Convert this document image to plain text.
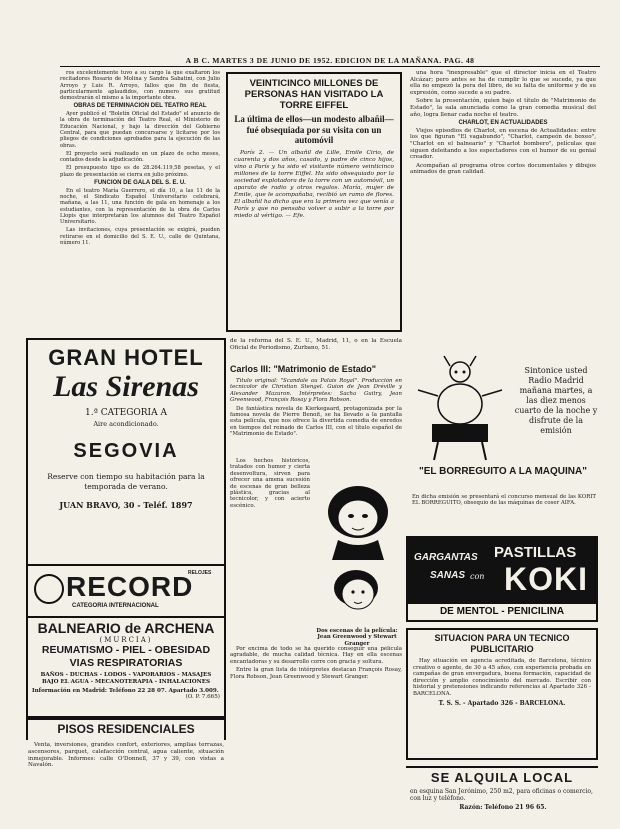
A B C. MARTES 3 DE JUNIO DE 1952. EDICION DE LA MAÑANA. PAG. 48

ros excelentemente tuvo a su cargo la que exaltaron los recitadores Rosario de Molina y Sandra Sabatini, con Julio Arroyo y Luis R. Arroyo, fallos que fin de fiesta, particularmente aplaudidos, con numero sus gratitud demostrarán el mismo a la importante obra.

OBRAS DE TERMINACION DEL TEATRO REAL

Ayer publicó el "Boletín Oficial del Estado" el anuncio de la obra de terminación del Teatro Real, el Ministerio de Educación Nacional, y bajo la dirección del Gobierno Central, para que puedan concursarse y licitarse por los pliegos de condiciones aprobados para la ejecución de las obras.

El proyecto será realizado en un plazo de ocho meses, contados desde la adjudicación.

El presupuesto tipo es de 28.264.119,58 pesetas, y el plazo de presentación se cierra en julio próximo.

FUNCION DE GALA DEL S. E. U.

En el teatro María Guerrero, el día 10, a las 11 de la noche, el Sindicato Español Universitario celebrará, mañana, a las 11, una función de gala en homenaje a los estudiantes, con la representación de la obra de Carlos Llopis que interpretarán los alumnos del Teatro Español Universitario.

Las invitaciones, cuya presentación se exigirá, pueden retirarse en el domicilio del S. E. U., calle de Quintana, número 11.

VEINTICINCO MILLONES DE PERSONAS HAN VISITADO LA TORRE EIFFEL
La última de ellos—un modesto albañil—fué obsequiada por su visita con un automóvil
París 2. — Un albañil de Lille, Emile Cirio, de cuarenta y dos años, casado, y padre de cinco hijos, vino a París y ha sido el visitante número veinticinco millones de la torre Eiffel. Ha sido obsequiado por la sociedad explotadora de la torre con un automóvil, un aparato de radio y otros regalos. María, mujer de Emile, que le acompañaba, recibió un ramo de flores. El albañil ha dicho que era la primera vez que venía a París y que no pensaba volver a subir a la torre por miedo al vértigo. — Efe.
GRAN HOTEL
Las Sirenas
1.ª CATEGORIA A
Aire acondicionado.
SEGOVIA
Reserve con tiempo su habitación para la temporada de verano.
JUAN BRAVO, 30 - Teléf. 1897
RELOJES
RECORD
CATEGORIA INTERNACIONAL
BALNEARIO de ARCHENA
(MURCIA)
REUMATISMO - PIEL - OBESIDAD
VIAS RESPIRATORIAS
BAÑOS - DUCHAS - LODOS - VAPORARIOS - MASAJES BAJO EL AGUA - MECANOTERAPIA - INHALACIONES
Información en Madrid: Teléfono 22 28 07. Apartado 3.009.
(O. P. 7.665)
PISOS RESIDENCIALES

Venta, inversiones, grandes confort, exteriores, amplias terrazas, ascensores, parquet, calefacción central, agua caliente, situación inmejorable. Informes: calle O'Donnell, 37 y 39, con vistas a Navalón.

de la reforma del S. E. U., Madrid, 11, o en la Escuela Oficial de Periodismo, Zurbano, 51.

Carlos III: "Matrimonio de Estado"

Título original: "Scandale au Palais Royal". Producción en tecnicolor de Christian Stengel. Guion de Jean Dréville y Alexander Mazuron. Intérpretes: Sacha Guitry, Jean Greenwood, François Rosay y Flora Robson.

De fantástica novela de Kierkegaard, protagonizada por la famosa novela de Pierre Benoit, se ha llevado a la pantalla esta película, que nos ofrece la divertida comedia de enredos en tiempos del reinado de Carlos III, con el título español de "Matrimonio de Estado".

Los hechos históricos, tratados con humor y cierta desenvoltura, sirven para ofrecer una amena sucesión de escenas de gran belleza plástica, gracias al tecnicolor, y con acierto escénico.

Dos escenas de la película: Jean Greenwood y Stewart Granger

Por encima de todo se ha querido conseguir una película agradable, de mucha calidad técnica. Hay en ella escenas encantadoras y su desarrollo corre con gracia y soltura.

Entre la gran lista de intérpretes destacan François Rosay, Flora Robson, Jean Greenwood y Stewart Granger.

una hora "inexpresable" que el director inicia en el Teatro Alcázar; pero antes se ha de cumplir lo que se sucede, ya que ella no empezó la pera del libro, de su falta de uniforme y de su expresión, como sucede a su padre.

Sobre la presentación, quien bajo el título de "Matrimonio de Estado", la sala anunciada como la gran comedia musical del año, logra llenar cada noche el teatro.

CHARLOT, EN ACTUALIDADES

Viejos episodios de Charlot, en escena de Actualidades: entre los que figuran "El vagabundo", "Charlot, campeón de boxeo", "Charlot en el balneario" y "Charlot bombero", películas que siguen deleitando a los espectadores con el humor de su genial creador.

Acompañan al programa otros cortos documentales y dibujos animados de gran calidad.

Sintonice usted Radio Madrid mañana martes, a las diez menos cuarto de la noche y disfrute de la emisión
"EL BORREGUITO A LA MAQUINA"
En dicha emisión se presentará el concurso mensual de las KORIT EL BORREGUITO, obsequio de las máquinas de coser AIFA.
PASTILLAS
GARGANTAS
SANAS con KOKI
DE MENTOL - PENICILINA
SITUACION PARA UN TECNICO PUBLICITARIO
Hay situación en agencia acreditada, de Barcelona, técnico creativo o agente, de 30 a 45 años, con experiencia probada en campañas de gran envergadura, buena formación, capacidad de dirección y amplio conocimiento del mercado. Escribir con historial y pretensiones indicando referencias al Apartado 326 - BARCELONA.
T. S. S. - Apartado 326 - BARCELONA.
SE ALQUILA LOCAL
en esquina San Jerónimo, 250 m2, para oficinas o comercio, con luz y teléfono.
Razón: Teléfono 21 96 65.
